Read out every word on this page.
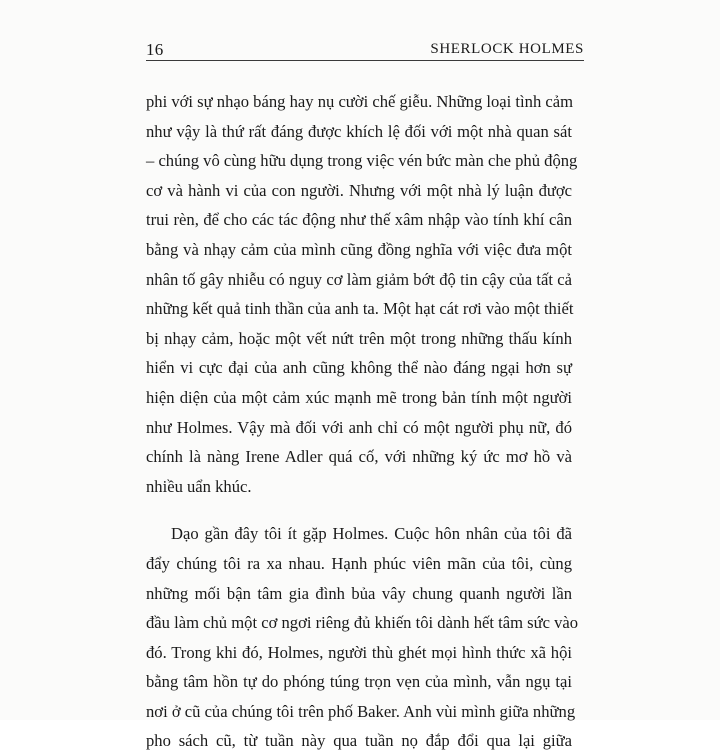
16	SHERLOCK HOLMES
phi với sự nhạo báng hay nụ cười chế giễu. Những loại tình cảm
như vậy là thứ rất đáng được khích lệ đối với một nhà quan sát
– chúng vô cùng hữu dụng trong việc vén bức màn che phủ động
cơ và hành vi của con người. Nhưng với một nhà lý luận được
trui rèn, để cho các tác động như thế xâm nhập vào tính khí cân
bằng và nhạy cảm của mình cũng đồng nghĩa với việc đưa một
nhân tố gây nhiễu có nguy cơ làm giảm bớt độ tin cậy của tất cả
những kết quả tinh thần của anh ta. Một hạt cát rơi vào một thiết
bị nhạy cảm, hoặc một vết nứt trên một trong những thấu kính
hiển vi cực đại của anh cũng không thể nào đáng ngại hơn sự
hiện diện của một cảm xúc mạnh mẽ trong bản tính một người
như Holmes. Vậy mà đối với anh chỉ có một người phụ nữ, đó
chính là nàng Irene Adler quá cố, với những ký ức mơ hồ và
nhiều uẩn khúc.
Dạo gần đây tôi ít gặp Holmes. Cuộc hôn nhân của tôi đã
đẩy chúng tôi ra xa nhau. Hạnh phúc viên mãn của tôi, cùng
những mối bận tâm gia đình bủa vây chung quanh người lần
đầu làm chủ một cơ ngơi riêng đủ khiến tôi dành hết tâm sức vào
đó. Trong khi đó, Holmes, người thù ghét mọi hình thức xã hội
bằng tâm hồn tự do phóng túng trọn vẹn của mình, vẫn ngụ tại
nơi ở cũ của chúng tôi trên phố Baker. Anh vùi mình giữa những
pho sách cũ, từ tuần này qua tuần nọ đắp đổi qua lại giữa
